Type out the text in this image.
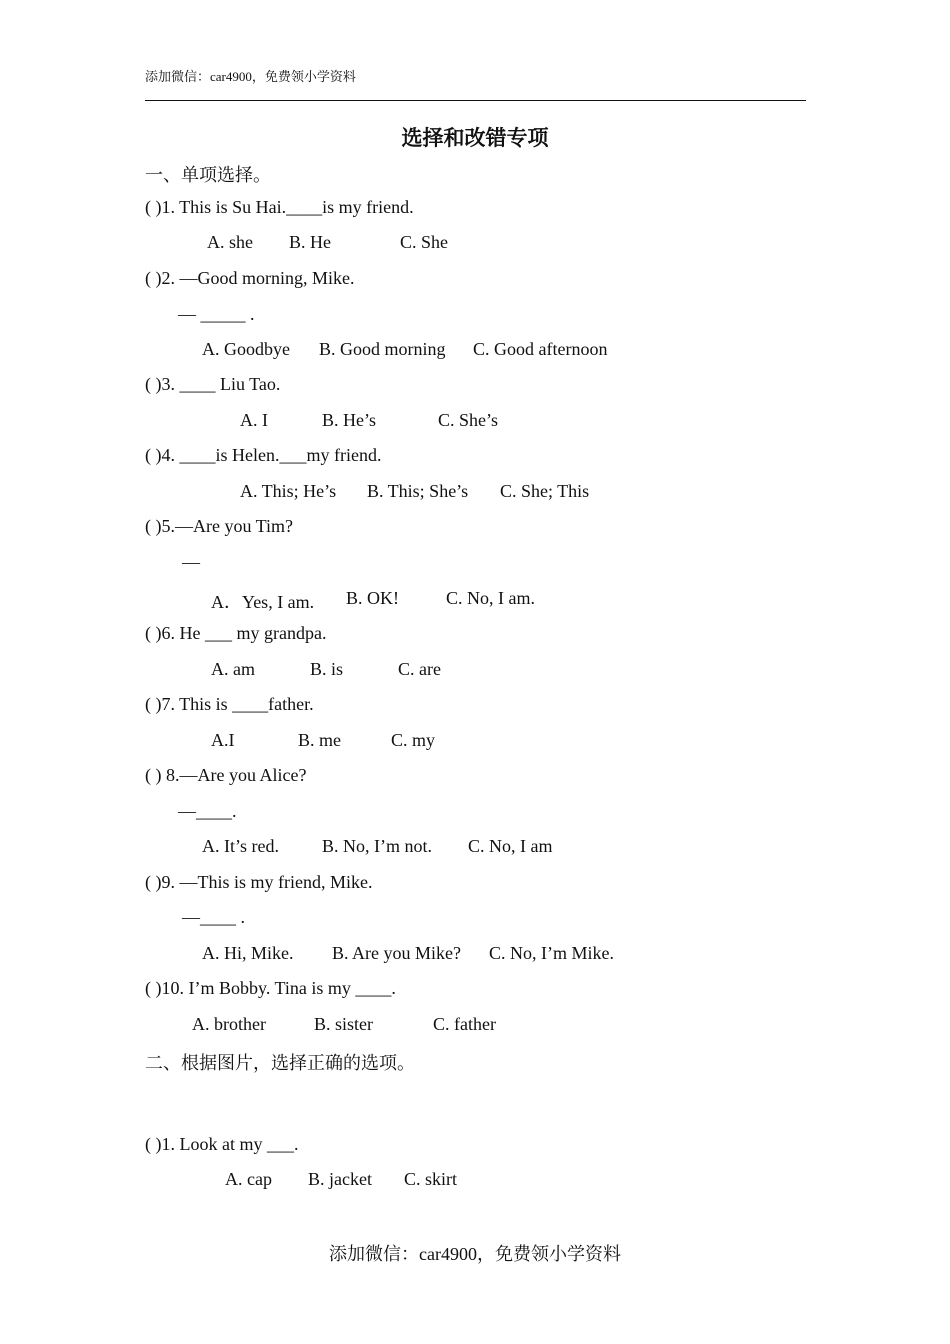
添加微信：car4900，免费领小学资料
选择和改错专项
一、单项选择。
( )1. This is Su Hai.____is my friend.
A. she B. He	C. She
( )2. —Good morning, Mike.
— _____ .
A. Goodbye B. Good morning C. Good afternoon
( )3. ____ Liu Tao.
A. I	B. He’s	C. She’s
( )4. ____is Helen.___my friend.
A. This; He’s B. This; She’s C. She; This
( )5.—Are you Tim?
—
A．Yes, I am. B. OK!	C. No, I am.
( )6. He ___ my grandpa.
A. am	B. is	C. are
( )7. This is ____father.
A.I	B. me	C. my
( ) 8.—Are you Alice?
—____.
A. It’s red. B. No, I’m not. C. No, I am
( )9. —This is my friend, Mike.
—____ .
A. Hi, Mike. B. Are you Mike? C. No, I’m Mike.
( )10. I’m Bobby. Tina is my ____.
A. brother	B. sister	C. father
二、根据图片，选择正确的选项。
( )1. Look at my ___.
A. cap B. jacket C. skirt
添加微信：car4900，免费领小学资料
